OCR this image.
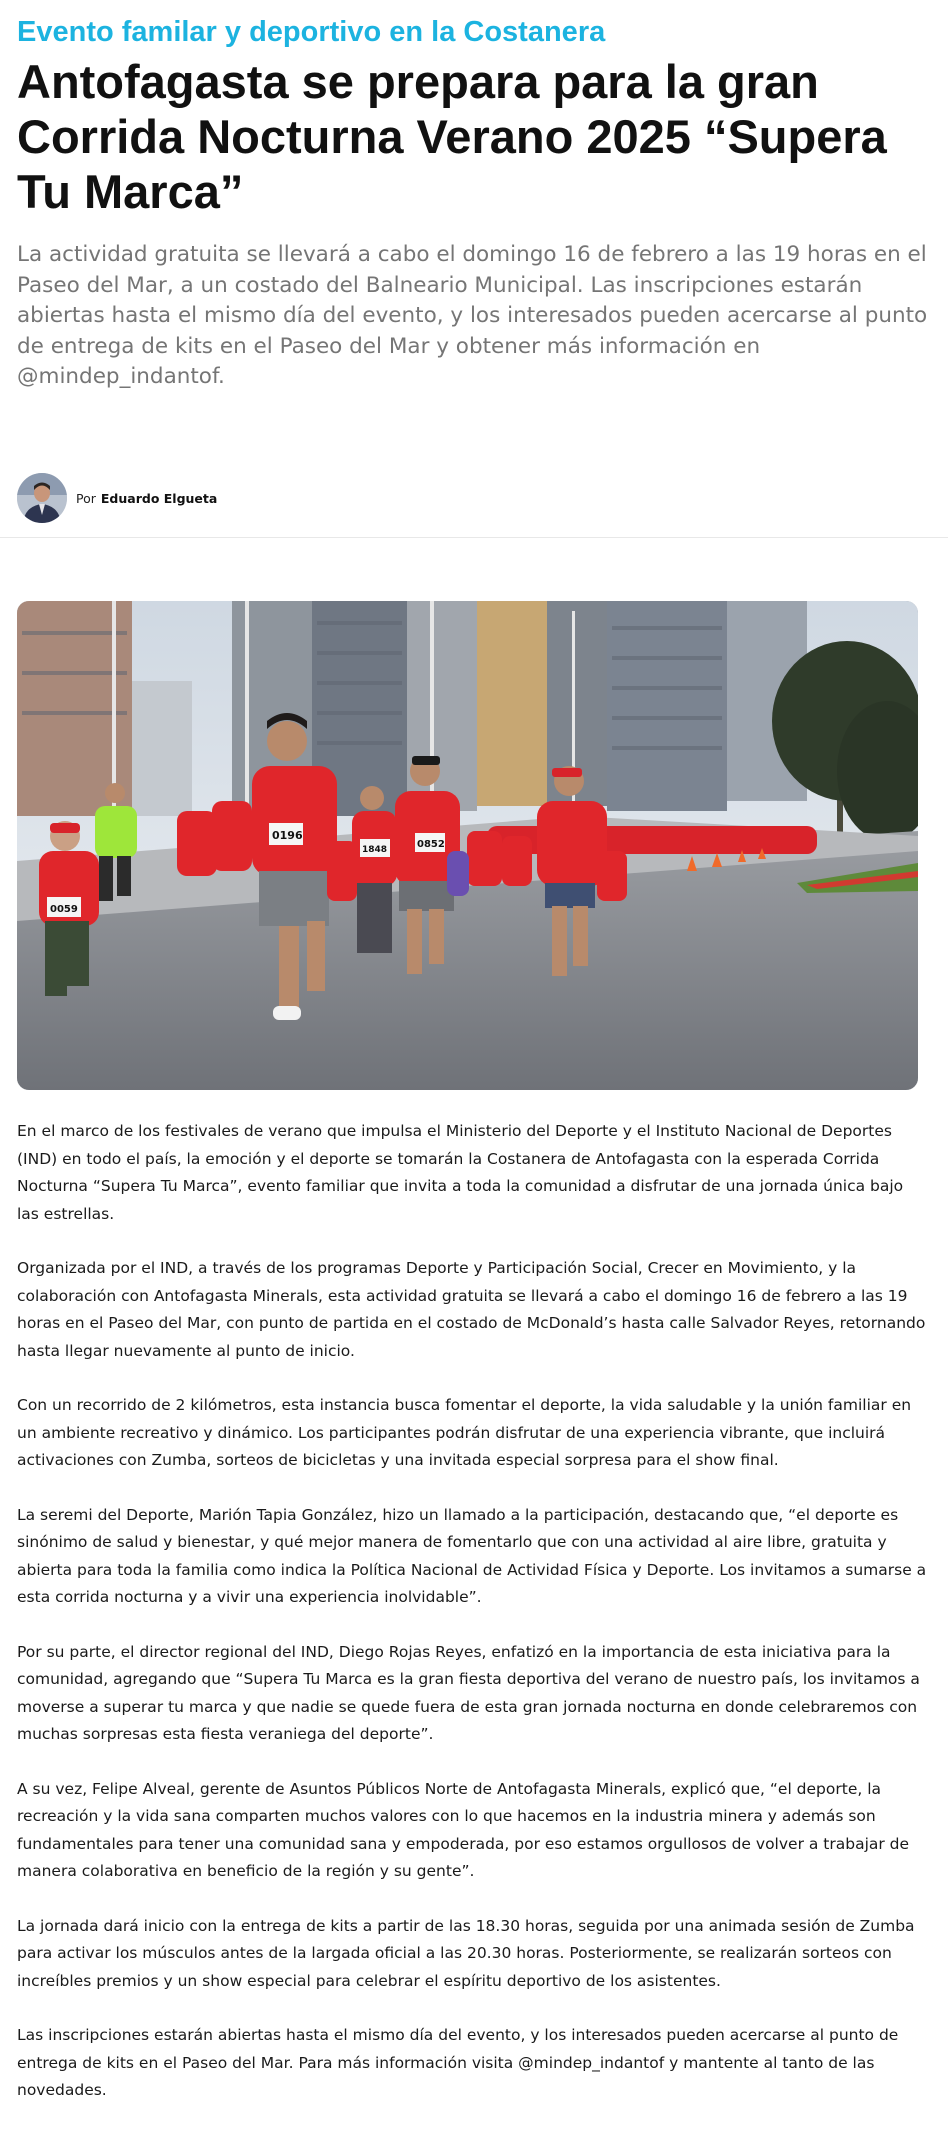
Evento familar y deportivo en la Costanera
Antofagasta se prepara para la gran Corrida Nocturna Verano 2025 “Supera Tu Marca”

La actividad gratuita se llevará a cabo el domingo 16 de febrero a las 19 horas en el Paseo del Mar, a un costado del Balneario Municipal. Las inscripciones estarán abiertas hasta el mismo día del evento, y los interesados pueden acercarse al punto de entrega de kits en el Paseo del Mar y obtener más información en @mindep_indantof.

Por Eduardo Elgueta
0196
1848	0852
0059

En el marco de los festivales de verano que impulsa el Ministerio del Deporte y el Instituto Nacional de Deportes (IND) en todo el país, la emoción y el deporte se tomarán la Costanera de Antofagasta con la esperada Corrida Nocturna “Supera Tu Marca”, evento familiar que invita a toda la comunidad a disfrutar de una jornada única bajo las estrellas.

Organizada por el IND, a través de los programas Deporte y Participación Social, Crecer en Movimiento, y la colaboración con Antofagasta Minerals, esta actividad gratuita se llevará a cabo el domingo 16 de febrero a las 19 horas en el Paseo del Mar, con punto de partida en el costado de McDonald’s hasta calle Salvador Reyes, retornando hasta llegar nuevamente al punto de inicio.

Con un recorrido de 2 kilómetros, esta instancia busca fomentar el deporte, la vida saludable y la unión familiar en un ambiente recreativo y dinámico. Los participantes podrán disfrutar de una experiencia vibrante, que incluirá activaciones con Zumba, sorteos de bicicletas y una invitada especial sorpresa para el show final.

La seremi del Deporte, Marión Tapia González, hizo un llamado a la participación, destacando que, “el deporte es sinónimo de salud y bienestar, y qué mejor manera de fomentarlo que con una actividad al aire libre, gratuita y abierta para toda la familia como indica la Política Nacional de Actividad Física y Deporte. Los invitamos a sumarse a esta corrida nocturna y a vivir una experiencia inolvidable”.

Por su parte, el director regional del IND, Diego Rojas Reyes, enfatizó en la importancia de esta iniciativa para la comunidad, agregando que “Supera Tu Marca es la gran fiesta deportiva del verano de nuestro país, los invitamos a moverse a superar tu marca y que nadie se quede fuera de esta gran jornada nocturna en donde celebraremos con muchas sorpresas esta fiesta veraniega del deporte”.

A su vez, Felipe Alveal, gerente de Asuntos Públicos Norte de Antofagasta Minerals, explicó que, “el deporte, la recreación y la vida sana comparten muchos valores con lo que hacemos en la industria minera y además son fundamentales para tener una comunidad sana y empoderada, por eso estamos orgullosos de volver a trabajar de manera colaborativa en beneficio de la región y su gente”.

La jornada dará inicio con la entrega de kits a partir de las 18.30 horas, seguida por una animada sesión de Zumba para activar los músculos antes de la largada oficial a las 20.30 horas. Posteriormente, se realizarán sorteos con increíbles premios y un show especial para celebrar el espíritu deportivo de los asistentes.

Las inscripciones estarán abiertas hasta el mismo día del evento, y los interesados pueden acercarse al punto de entrega de kits en el Paseo del Mar. Para más información visita @mindep_indantof y mantente al tanto de las novedades.
